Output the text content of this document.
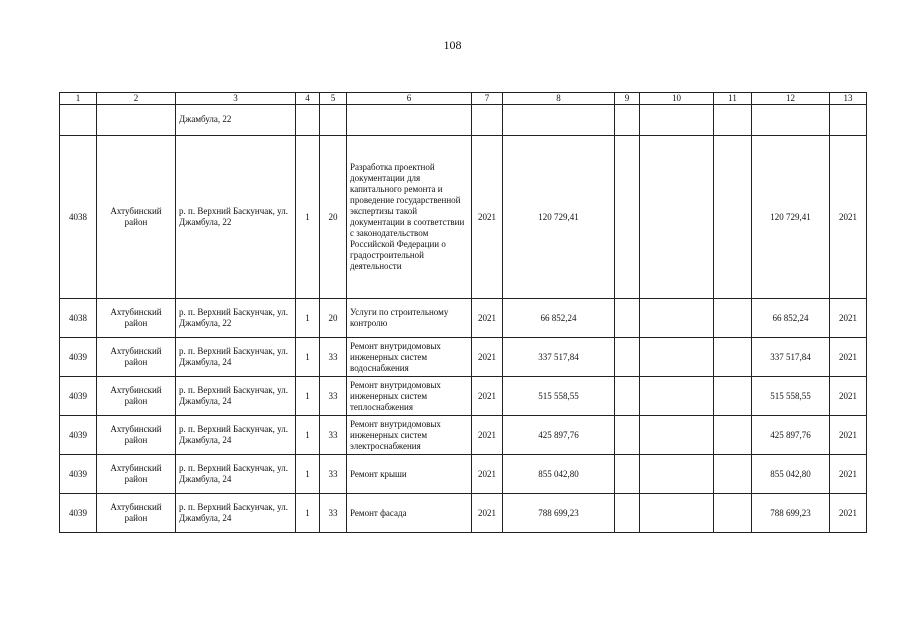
108
1	2	3	4	5	6	7	8	9	10	11	12	13
		Джамбула, 22										
4038	Ахтубинский район	р. п. Верхний Баскунчак, ул. Джамбула, 22	1	20	Разработка проектной документации для капитального ремонта и проведение государственной экспертизы такой документации в соответствии с законодательством Российской Федерации о градостроительной деятельности	2021	120 729,41				120 729,41	2021
4038	Ахтубинский район	р. п. Верхний Баскунчак, ул. Джамбула, 22	1	20	Услуги по строительному контролю	2021	66 852,24				66 852,24	2021
4039	Ахтубинский район	р. п. Верхний Баскунчак, ул. Джамбула, 24	1	33	Ремонт внутридомовых инженерных систем водоснабжения	2021	337 517,84				337 517,84	2021
4039	Ахтубинский район	р. п. Верхний Баскунчак, ул. Джамбула, 24	1	33	Ремонт внутридомовых инженерных систем теплоснабжения	2021	515 558,55				515 558,55	2021
4039	Ахтубинский район	р. п. Верхний Баскунчак, ул. Джамбула, 24	1	33	Ремонт внутридомовых инженерных систем электроснабжения	2021	425 897,76				425 897,76	2021
4039	Ахтубинский район	р. п. Верхний Баскунчак, ул. Джамбула, 24	1	33	Ремонт крыши	2021	855 042,80				855 042,80	2021
4039	Ахтубинский район	р. п. Верхний Баскунчак, ул. Джамбула, 24	1	33	Ремонт фасада	2021	788 699,23				788 699,23	2021
